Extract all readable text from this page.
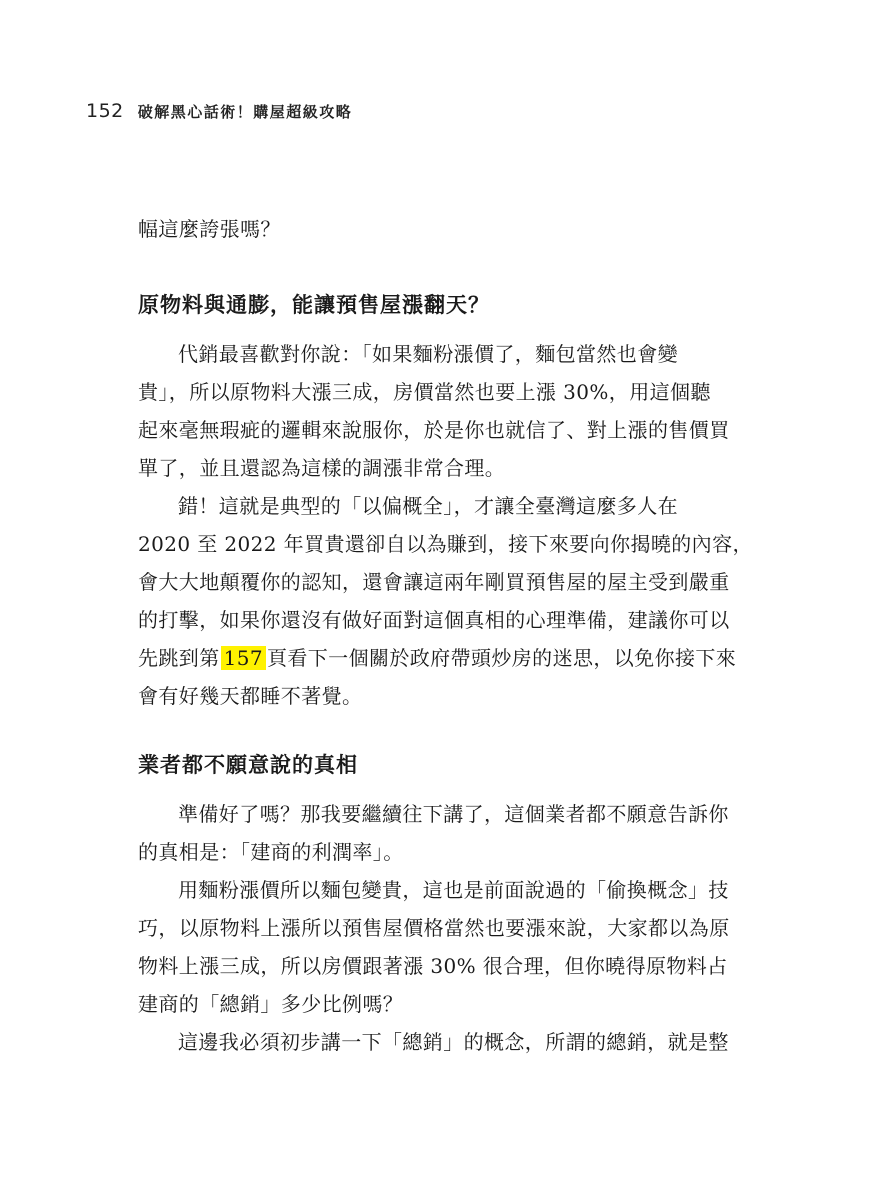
152 破解黑心話術！購屋超級攻略

幅這麼誇張嗎？

原物料與通膨，能讓預售屋漲翻天？

代銷最喜歡對你說：「如果麵粉漲價了，麵包當然也會變
貴」，所以原物料大漲三成，房價當然也要上漲 30%，用這個聽
起來毫無瑕疵的邏輯來說服你，於是你也就信了、對上漲的售價買
單了，並且還認為這樣的調漲非常合理。

錯！這就是典型的「以偏概全」，才讓全臺灣這麼多人在
2020 至 2022 年買貴還卻自以為賺到，接下來要向你揭曉的內容，
會大大地顛覆你的認知，還會讓這兩年剛買預售屋的屋主受到嚴重
的打擊，如果你還沒有做好面對這個真相的心理準備，建議你可以
先跳到第 157 頁看下一個關於政府帶頭炒房的迷思，以免你接下來
會有好幾天都睡不著覺。

業者都不願意說的真相

準備好了嗎？那我要繼續往下講了，這個業者都不願意告訴你
的真相是：「建商的利潤率」。

用麵粉漲價所以麵包變貴，這也是前面說過的「偷換概念」技
巧，以原物料上漲所以預售屋價格當然也要漲來說，大家都以為原
物料上漲三成，所以房價跟著漲 30% 很合理，但你曉得原物料占
建商的「總銷」多少比例嗎？

這邊我必須初步講一下「總銷」的概念，所謂的總銷，就是整
